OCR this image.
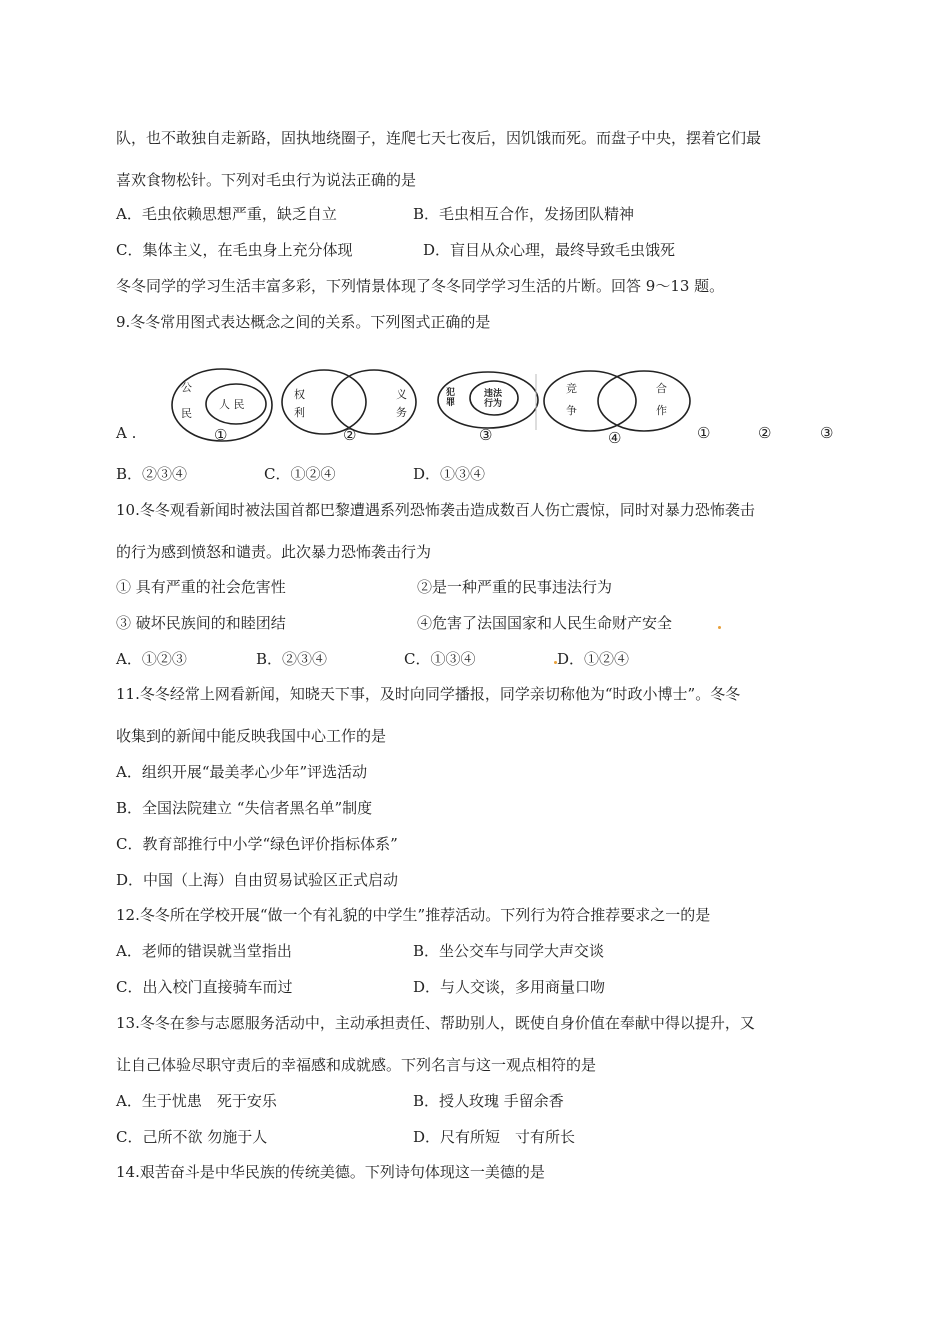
队，也不敢独自走新路，固执地绕圈子，连爬七天七夜后，因饥饿而死。而盘子中央，摆着它们最
喜欢食物松针。下列对毛虫行为说法正确的是
A．毛虫依赖思想严重，缺乏自立	B．毛虫相互合作，发扬团队精神
C．集体主义，在毛虫身上充分体现	D．盲目从众心理，最终导致毛虫饿死
冬冬同学的学习生活丰富多彩，下列情景体现了冬冬同学学习生活的片断。回答 9～13 题。
9.冬冬常用图式表达概念之间的关系。下列图式正确的是
A .
公
民
人 民
①
权
利
义
务
②
犯
罪
违法
行为
③
竞
争
合
作
④	①	②	③
B．②③④	C．①②④	D．①③④
10.冬冬观看新闻时被法国首都巴黎遭遇系列恐怖袭击造成数百人伤亡震惊，同时对暴力恐怖袭击
的行为感到愤怒和谴责。此次暴力恐怖袭击行为
① 具有严重的社会危害性	②是一种严重的民事违法行为
③ 破坏民族间的和睦团结	④危害了法国国家和人民生命财产安全
A．①②③	B．②③④	C．①③④	D．①②④
11.冬冬经常上网看新闻，知晓天下事，及时向同学播报，同学亲切称他为“时政小博士”。冬冬
收集到的新闻中能反映我国中心工作的是
A．组织开展“最美孝心少年”评选活动
B．全国法院建立 “失信者黑名单”制度
C．教育部推行中小学“绿色评价指标体系”
D．中国（上海）自由贸易试验区正式启动
12.冬冬所在学校开展“做一个有礼貌的中学生”推荐活动。下列行为符合推荐要求之一的是
A．老师的错误就当堂指出	B．坐公交车与同学大声交谈
C．出入校门直接骑车而过	D．与人交谈，多用商量口吻
13.冬冬在参与志愿服务活动中，主动承担责任、帮助别人，既使自身价值在奉献中得以提升，又
让自己体验尽职守责后的幸福感和成就感。下列名言与这一观点相符的是
A．生于忧患　死于安乐	B．授人玫瑰 手留余香
C．己所不欲 勿施于人	D．尺有所短　寸有所长
14.艰苦奋斗是中华民族的传统美德。下列诗句体现这一美德的是
